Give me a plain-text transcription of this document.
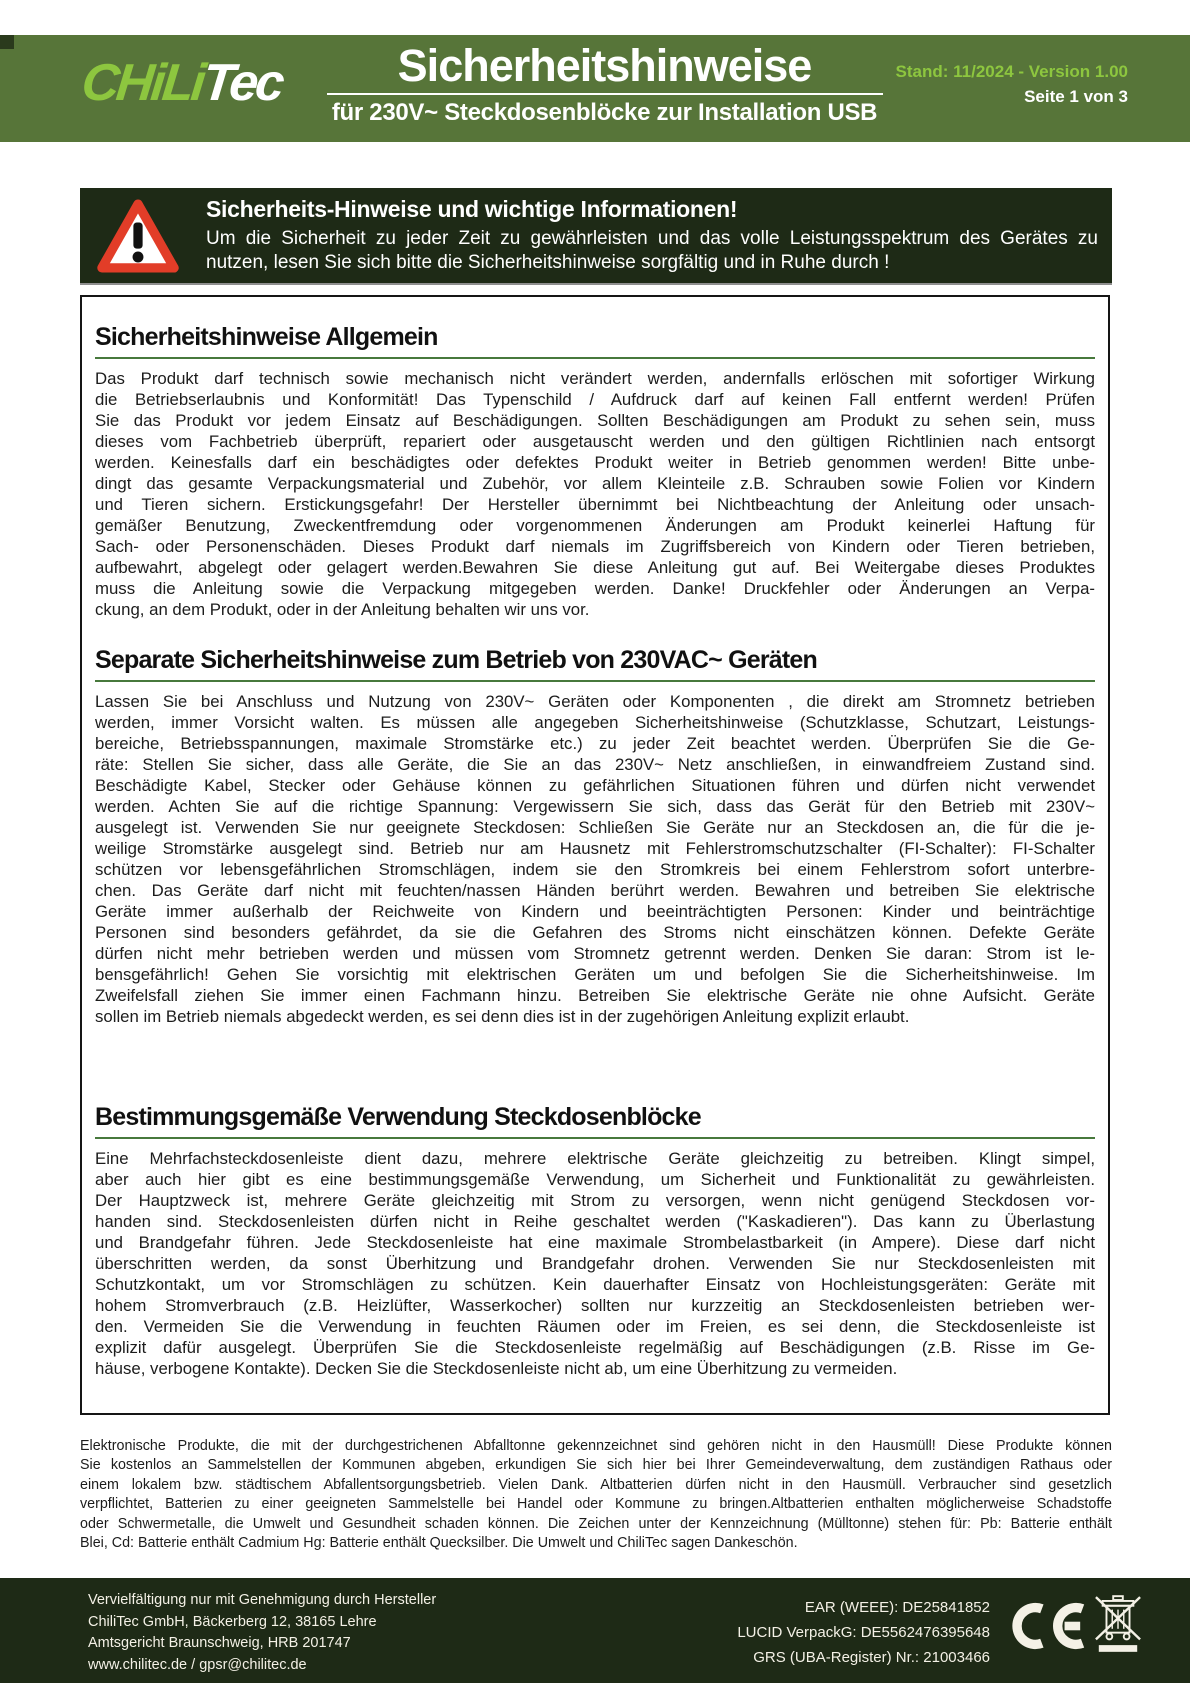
CHiLiTec	Sicherheitshinweise
für 230V~ Steckdosenblöcke zur Installation USB
Stand: 11/2024 - Version 1.00
Seite 1 von 3
Sicherheits-Hinweise und wichtige Informationen!
Um die Sicherheit zu jeder Zeit zu gewährleisten und das volle Leistungsspektrum des Gerätes zu
nutzen, lesen Sie sich bitte die Sicherheitshinweise sorgfältig und in Ruhe durch !
Sicherheitshinweise Allgemein
Das Produkt darf technisch sowie mechanisch nicht verändert werden, andernfalls erlöschen mit sofortiger Wirkung
die Betriebserlaubnis und Konformität! Das Typenschild / Aufdruck darf auf keinen Fall entfernt werden! Prüfen
Sie das Produkt vor jedem Einsatz auf Beschädigungen. Sollten Beschädigungen am Produkt zu sehen sein, muss
dieses vom Fachbetrieb überprüft, repariert oder ausgetauscht werden und den gültigen Richtlinien nach entsorgt
werden. Keinesfalls darf ein beschädigtes oder defektes Produkt weiter in Betrieb genommen werden! Bitte unbe-
dingt das gesamte Verpackungsmaterial und Zubehör, vor allem Kleinteile z.B. Schrauben sowie Folien vor Kindern
und Tieren sichern. Erstickungsgefahr! Der Hersteller übernimmt bei Nichtbeachtung der Anleitung oder unsach-
gemäßer Benutzung, Zweckentfremdung oder vorgenommenen Änderungen am Produkt keinerlei Haftung für
Sach- oder Personenschäden. Dieses Produkt darf niemals im Zugriffsbereich von Kindern oder Tieren betrieben,
aufbewahrt, abgelegt oder gelagert werden.Bewahren Sie diese Anleitung gut auf. Bei Weitergabe dieses Produktes
muss die Anleitung sowie die Verpackung mitgegeben werden. Danke! Druckfehler oder Änderungen an Verpa-
ckung, an dem Produkt, oder in der Anleitung behalten wir uns vor.
Separate Sicherheitshinweise zum Betrieb von 230VAC~ Geräten
Lassen Sie bei Anschluss und Nutzung von 230V~ Geräten oder Komponenten , die direkt am Stromnetz betrieben
werden, immer Vorsicht walten. Es müssen alle angegeben Sicherheitshinweise (Schutzklasse, Schutzart, Leistungs-
bereiche, Betriebsspannungen, maximale Stromstärke etc.) zu jeder Zeit beachtet werden. Überprüfen Sie die Ge-
räte: Stellen Sie sicher, dass alle Geräte, die Sie an das 230V~ Netz anschließen, in einwandfreiem Zustand sind.
Beschädigte Kabel, Stecker oder Gehäuse können zu gefährlichen Situationen führen und dürfen nicht verwendet
werden. Achten Sie auf die richtige Spannung: Vergewissern Sie sich, dass das Gerät für den Betrieb mit 230V~
ausgelegt ist. Verwenden Sie nur geeignete Steckdosen: Schließen Sie Geräte nur an Steckdosen an, die für die je-
weilige Stromstärke ausgelegt sind. Betrieb nur am Hausnetz mit Fehlerstromschutzschalter (FI-Schalter): FI-Schalter
schützen vor lebensgefährlichen Stromschlägen, indem sie den Stromkreis bei einem Fehlerstrom sofort unterbre-
chen. Das Geräte darf nicht mit feuchten/nassen Händen berührt werden. Bewahren und betreiben Sie elektrische
Geräte immer außerhalb der Reichweite von Kindern und beeinträchtigten Personen: Kinder und beinträchtige
Personen sind besonders gefährdet, da sie die Gefahren des Stroms nicht einschätzen können. Defekte Geräte
dürfen nicht mehr betrieben werden und müssen vom Stromnetz getrennt werden. Denken Sie daran: Strom ist le-
bensgefährlich! Gehen Sie vorsichtig mit elektrischen Geräten um und befolgen Sie die Sicherheitshinweise. Im
Zweifelsfall ziehen Sie immer einen Fachmann hinzu. Betreiben Sie elektrische Geräte nie ohne Aufsicht. Geräte
sollen im Betrieb niemals abgedeckt werden, es sei denn dies ist in der zugehörigen Anleitung explizit erlaubt.
Bestimmungsgemäße Verwendung Steckdosenblöcke
Eine Mehrfachsteckdosenleiste dient dazu, mehrere elektrische Geräte gleichzeitig zu betreiben. Klingt simpel,
aber auch hier gibt es eine bestimmungsgemäße Verwendung, um Sicherheit und Funktionalität zu gewährleisten.
Der Hauptzweck ist, mehrere Geräte gleichzeitig mit Strom zu versorgen, wenn nicht genügend Steckdosen vor-
handen sind. Steckdosenleisten dürfen nicht in Reihe geschaltet werden ("Kaskadieren"). Das kann zu Überlastung
und Brandgefahr führen. Jede Steckdosenleiste hat eine maximale Strombelastbarkeit (in Ampere). Diese darf nicht
überschritten werden, da sonst Überhitzung und Brandgefahr drohen. Verwenden Sie nur Steckdosenleisten mit
Schutzkontakt, um vor Stromschlägen zu schützen. Kein dauerhafter Einsatz von Hochleistungsgeräten: Geräte mit
hohem Stromverbrauch (z.B. Heizlüfter, Wasserkocher) sollten nur kurzzeitig an Steckdosenleisten betrieben wer-
den. Vermeiden Sie die Verwendung in feuchten Räumen oder im Freien, es sei denn, die Steckdosenleiste ist
explizit dafür ausgelegt. Überprüfen Sie die Steckdosenleiste regelmäßig auf Beschädigungen (z.B. Risse im Ge-
häuse, verbogene Kontakte). Decken Sie die Steckdosenleiste nicht ab, um eine Überhitzung zu vermeiden.
Elektronische Produkte, die mit der durchgestrichenen Abfalltonne gekennzeichnet sind gehören nicht in den Hausmüll! Diese Produkte können
Sie kostenlos an Sammelstellen der Kommunen abgeben, erkundigen Sie sich hier bei Ihrer Gemeindeverwaltung, dem zuständigen Rathaus oder
einem lokalem bzw. städtischem Abfallentsorgungsbetrieb. Vielen Dank. Altbatterien dürfen nicht in den Hausmüll. Verbraucher sind gesetzlich
verpflichtet, Batterien zu einer geeigneten Sammelstelle bei Handel oder Kommune zu bringen.Altbatterien enthalten möglicherweise Schadstoffe
oder Schwermetalle, die Umwelt und Gesundheit schaden können. Die Zeichen unter der Kennzeichnung (Mülltonne) stehen für: Pb: Batterie enthält
Blei, Cd: Batterie enthält Cadmium Hg: Batterie enthält Quecksilber. Die Umwelt und ChiliTec sagen Dankeschön.
Vervielfältigung nur mit Genehmigung durch Hersteller
ChiliTec GmbH, Bäckerberg 12, 38165 Lehre
Amtsgericht Braunschweig, HRB 201747
www.chilitec.de / gpsr@chilitec.de
EAR (WEEE): DE25841852
LUCID VerpackG: DE5562476395648
GRS (UBA-Register) Nr.: 21003466
